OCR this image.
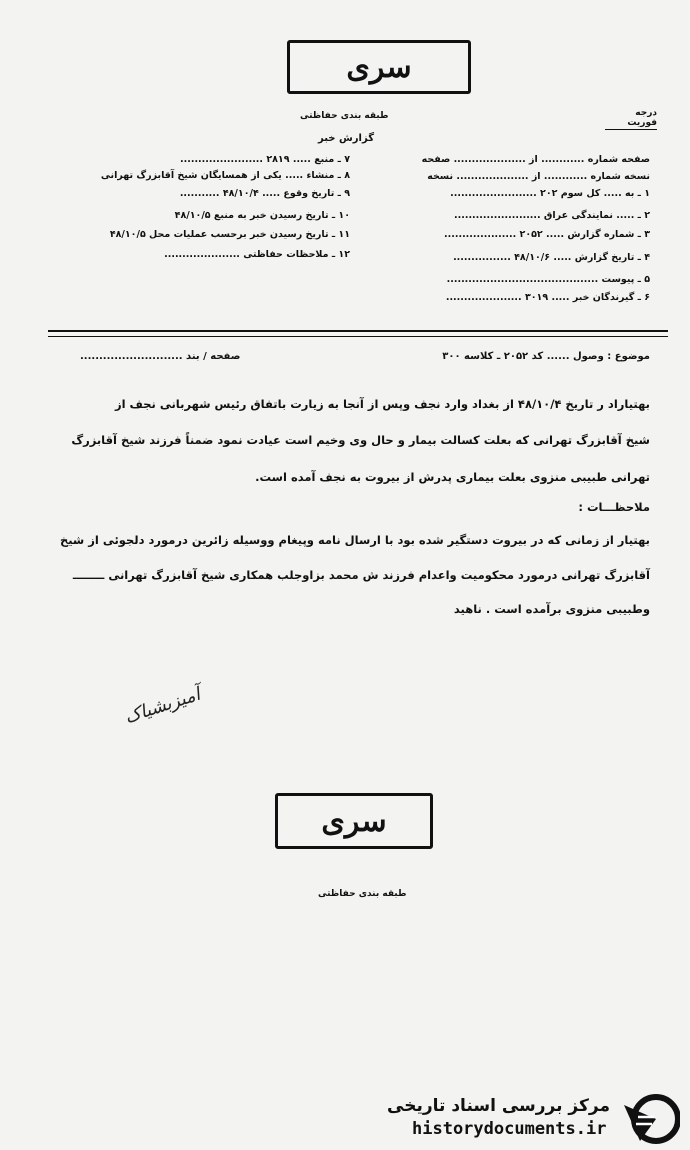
سری
طبقه بندی حفاظتی
گزارش خبر
درجه فوریت
صفحه شماره ............ از .................... صفحه
نسخه شماره ............ از .................... نسخه
۱ ـ به ..... کل سوم ۲۰۲ ........................
۲ ـ ..... نمایندگی عراق ........................
۳ ـ شماره گزارش ..... ۲۰۵۲ ....................
۴ ـ تاریخ گزارش ..... ۴۸/۱۰/۶ ................
۵ ـ پیوست ..........................................
۶ ـ گیرندگان خبر ..... ۳۰۱۹ .....................
۷ ـ منبع ..... ۲۸۱۹ .......................
۸ ـ منشاء ..... یکی از همسایگان شیخ آقابزرگ تهرانی
۹ ـ تاریخ وقوع ..... ۴۸/۱۰/۴ ...........
۱۰ ـ تاریخ رسیدن خبر به منبع ۴۸/۱۰/۵
۱۱ ـ تاریخ رسیدن خبر برحسب عملیات محل ۴۸/۱۰/۵
۱۲ ـ ملاحظات حفاظتی .....................
موضوع : وصول ...... کد ۲۰۵۲ ـ کلاسه ۳۰۰
صفحه / بند ...........................
بهتیاراد ر تاریخ ۴۸/۱۰/۴ از بغداد وارد نجف وپس از آنجا به زیارت باتفاق رئیس شهربانی نجف از
شیخ آقابزرگ تهرانی که بعلت کسالت بیمار و حال وی وخیم است عیادت نمود ضمناً فرزند شیخ آقابزرگ
تهرانی طبیبی منزوی بعلت بیماری پدرش از بیروت به نجف آمده است.
ملاحظـــات :
بهتیار از زمانی که در بیروت دستگیر شده بود با ارسال نامه وپیغام ووسیله زائرین درمورد دلجوئی از شیخ
آقابزرگ تهرانی درمورد محکومیت واعدام فرزند ش محمد بزاوجلب همکاری شیخ آقابزرگ تهرانی ــــــــ
وطبیبی منزوی برآمده است . ناهید
آمیزبشیاک
سری
طبقه بندی حفاظتی
مرکز بررسی اسناد تاریخی
historydocuments.ir
